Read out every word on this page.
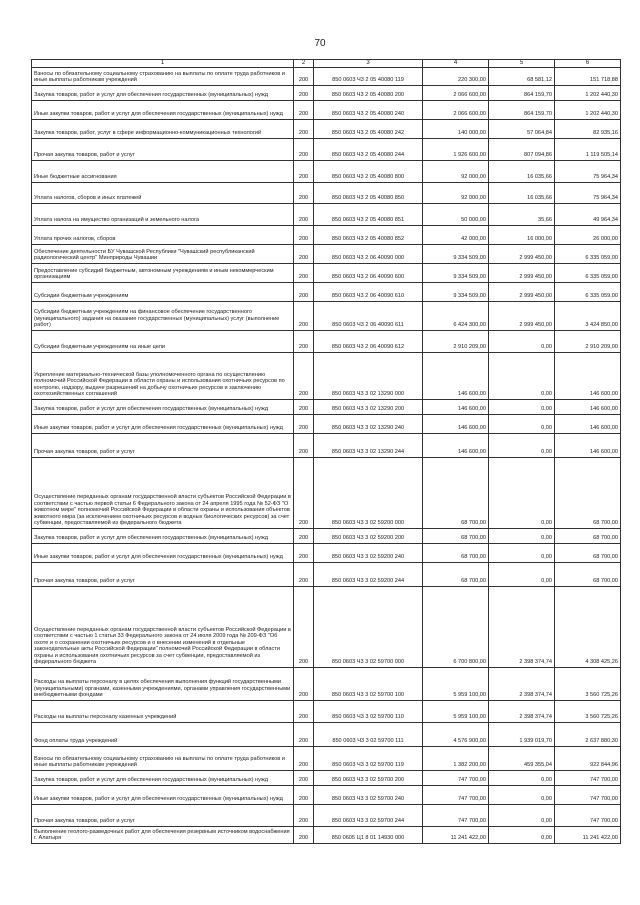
70
1	2	3	4	5	6
Взносы по обязательному социальному страхованию на выплаты по оплате труда работников и иные выплаты работникам учреждений	200	850 0603 Ч3 2 05 40080 119	220 300,00	68 581,12	151 718,88
Закупка товаров, работ и услуг для обеспечения государственных (муниципальных) нужд	200	850 0603 Ч3 2 05 40080 200	2 066 600,00	864 159,70	1 202 440,30
Иные закупки товаров, работ и услуг для обеспечения государственных (муниципальных) нужд	200	850 0603 Ч3 2 05 40080 240	2 066 600,00	864 159,70	1 202 440,30
Закупка товаров, работ, услуг в сфере информационно-коммуникационных технологий	200	850 0603 Ч3 2 05 40080 242	140 000,00	57 064,84	82 935,16
Прочая закупка товаров, работ и услуг	200	850 0603 Ч3 2 05 40080 244	1 926 600,00	807 094,86	1 119 505,14
Иные бюджетные ассигнования	200	850 0603 Ч3 2 05 40080 800	92 000,00	16 035,66	75 964,34
Уплата налогов, сборов и иных платежей	200	850 0603 Ч3 2 05 40080 850	92 000,00	16 035,66	75 964,34
Уплата налога на имущество организаций и земельного налога	200	850 0603 Ч3 2 05 40080 851	50 000,00	35,66	49 964,34
Уплата прочих налогов, сборов	200	850 0603 Ч3 2 05 40080 852	42 000,00	16 000,00	26 000,00
Обеспечение деятельности БУ Чувашской Республики "Чувашский республиканский радиологический центр" Минприроды Чувашии	200	850 0603 Ч3 2 06 40090 000	9 334 509,00	2 999 450,00	6 335 059,00
Предоставление субсидий бюджетным, автономным учреждениям и иным некоммерческим организациям	200	850 0603 Ч3 2 06 40090 600	9 334 509,00	2 999 450,00	6 335 059,00
Субсидии бюджетным учреждениям	200	850 0603 Ч3 2 06 40090 610	9 334 509,00	2 999 450,00	6 335 059,00
Субсидии бюджетным учреждениям на финансовое обеспечение государственного (муниципального) задания на оказание государственных (муниципальных) услуг (выполнение работ)	200	850 0603 Ч3 2 06 40090 611	6 424 300,00	2 999 450,00	3 424 850,00
Субсидии бюджетным учреждениям на иные цели	200	850 0603 Ч3 2 06 40090 612	2 910 209,00	0,00	2 910 209,00
Укрепление материально-технической базы уполномоченного органа по осуществлению полномочий Российской Федерации в области охраны и использования охотничьих ресурсов по контролю, надзору, выдаче разрешений на добычу охотничьих ресурсов и заключению охотхозяйственных соглашений	200	850 0603 Ч3 3 02 13290 000	146 600,00	0,00	146 600,00
Закупка товаров, работ и услуг для обеспечения государственных (муниципальных) нужд	200	850 0603 Ч3 3 02 13290 200	146 600,00	0,00	146 600,00
Иные закупки товаров, работ и услуг для обеспечения государственных (муниципальных) нужд	200	850 0603 Ч3 3 02 13290 240	146 600,00	0,00	146 600,00
Прочая закупка товаров, работ и услуг	200	850 0603 Ч3 3 02 13290 244	146 600,00	0,00	146 600,00
Осуществление переданных органам государственной власти субъектов Российской Федерации в соответствии с частью первой статьи 6 Федерального закона от 24 апреля 1995 года № 52-ФЗ "О животном мире" полномочий Российской Федерации в области охраны и использования объектов животного мира (за исключением охотничьих ресурсов и водных биологических ресурсов) за счет субвенции, предоставляемой из федерального бюджета	200	850 0603 Ч3 3 02 59200 000	68 700,00	0,00	68 700,00
Закупка товаров, работ и услуг для обеспечения государственных (муниципальных) нужд	200	850 0603 Ч3 3 02 59200 200	68 700,00	0,00	68 700,00
Иные закупки товаров, работ и услуг для обеспечения государственных (муниципальных) нужд	200	850 0603 Ч3 3 02 59200 240	68 700,00	0,00	68 700,00
Прочая закупка товаров, работ и услуг	200	850 0603 Ч3 3 02 59200 244	68 700,00	0,00	68 700,00
Осуществление переданных органам государственной власти субъектов Российской Федерации в соответствии с частью 1 статьи 33 Федерального закона от 24 июля 2009 года № 209-ФЗ "Об охоте и о сохранении охотничьих ресурсов и о внесении изменений в отдельные законодательные акты Российской Федерации" полномочий Российской Федерации в области охраны и использования охотничьих ресурсов за счет субвенции, предоставляемой из федерального бюджета	200	850 0603 Ч3 3 02 59700 000	6 700 800,00	2 398 374,74	4 308 425,26
Расходы на выплаты персоналу в целях обеспечения выполнения функций государственными (муниципальными) органами, казенными учреждениями, органами управления государственными внебюджетными фондами	200	850 0603 Ч3 3 02 59700 100	5 959 100,00	2 398 374,74	3 560 725,26
Расходы на выплаты персоналу казенных учреждений	200	850 0603 Ч3 3 02 59700 110	5 959 100,00	2 398 374,74	3 560 725,26
Фонд оплаты труда учреждений	200	850 0603 Ч3 3 02 59700 111	4 576 900,00	1 939 019,70	2 637 880,30
Взносы по обязательному социальному страхованию на выплаты по оплате труда работников и иные выплаты работникам учреждений	200	850 0603 Ч3 3 02 59700 119	1 382 200,00	459 355,04	922 844,96
Закупка товаров, работ и услуг для обеспечения государственных (муниципальных) нужд	200	850 0603 Ч3 3 02 59700 200	747 700,00	0,00	747 700,00
Иные закупки товаров, работ и услуг для обеспечения государственных (муниципальных) нужд	200	850 0603 Ч3 3 02 59700 240	747 700,00	0,00	747 700,00
Прочая закупка товаров, работ и услуг	200	850 0603 Ч3 3 02 59700 244	747 700,00	0,00	747 700,00
Выполнение геолого-разведочных работ для обеспечения резервным источником водоснабжения г. Алатыря	200	850 0605 Ц1 8 01 14930 000	11 241 422,00	0,00	11 241 422,00
